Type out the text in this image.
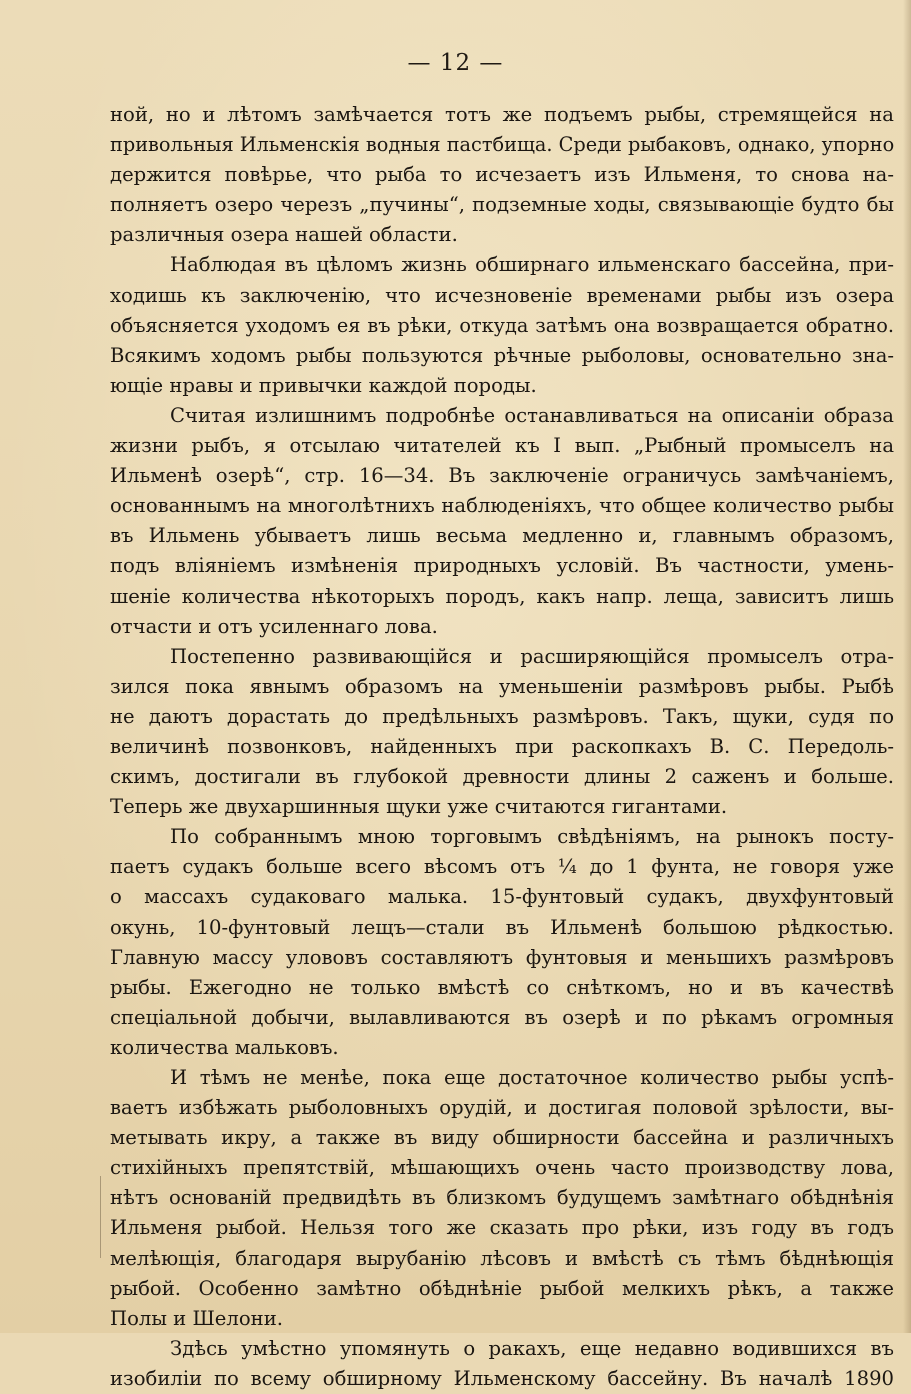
— 12 —
ной, но и лѣтомъ замѣчается тотъ же подъемъ рыбы, стремящейся на
привольныя Ильменскія водныя пастбища. Среди рыбаковъ, однако, упорно
держится повѣрье, что рыба то исчезаетъ изъ Ильменя, то снова на-
полняетъ озеро черезъ „пучины“, подземные ходы, связывающіе будто бы
различныя озера нашей области.
Наблюдая въ цѣломъ жизнь обширнаго ильменскаго бассейна, при-
ходишь къ заключенію, что исчезновеніе временами рыбы изъ озера
объясняется уходомъ ея въ рѣки, откуда затѣмъ она возвращается обратно.
Всякимъ ходомъ рыбы пользуются рѣчные рыболовы, основательно зна-
ющіе нравы и привычки каждой породы.
Считая излишнимъ подробнѣе останавливаться на описаніи образа
жизни рыбъ, я отсылаю читателей къ I вып. „Рыбный промыселъ на
Ильменѣ озерѣ“, стр. 16—34. Въ заключеніе ограничусь замѣчаніемъ,
основаннымъ на многолѣтнихъ наблюденіяхъ, что общее количество рыбы
въ Ильмень убываетъ лишь весьма медленно и, главнымъ образомъ,
подъ вліяніемъ измѣненія природныхъ условій. Въ частности, умень-
шеніе количества нѣкоторыхъ породъ, какъ напр. леща, зависитъ лишь
отчасти и отъ усиленнаго лова.
Постепенно развивающійся и расширяющійся промыселъ отра-
зился пока явнымъ образомъ на уменьшеніи размѣровъ рыбы. Рыбѣ
не даютъ дорастать до предѣльныхъ размѣровъ. Такъ, щуки, судя по
величинѣ позвонковъ, найденныхъ при раскопкахъ В. С. Передоль-
скимъ, достигали въ глубокой древности длины 2 саженъ и больше.
Теперь же двухаршинныя щуки уже считаются гигантами.
По собраннымъ мною торговымъ свѣдѣніямъ, на рынокъ посту-
паетъ судакъ больше всего вѣсомъ отъ ¼ до 1 фунта, не говоря уже
о массахъ судаковаго малька. 15-фунтовый судакъ, двухфунтовый
окунь, 10-фунтовый лещъ—стали въ Ильменѣ большою рѣдкостью.
Главную массу улововъ составляютъ фунтовыя и меньшихъ размѣровъ
рыбы. Ежегодно не только вмѣстѣ со снѣткомъ, но и въ качествѣ
спеціальной добычи, вылавливаются въ озерѣ и по рѣкамъ огромныя
количества мальковъ.
И тѣмъ не менѣе, пока еще достаточное количество рыбы успѣ-
ваетъ избѣжать рыболовныхъ орудій, и достигая половой зрѣлости, вы-
метывать икру, а также въ виду обширности бассейна и различныхъ
стихійныхъ препятствій, мѣшающихъ очень часто производству лова,
нѣтъ основаній предвидѣть въ близкомъ будущемъ замѣтнаго обѣднѣнія
Ильменя рыбой. Нельзя того же сказать про рѣки, изъ году въ годъ
мелѣющія, благодаря вырубанію лѣсовъ и вмѣстѣ съ тѣмъ бѣднѣющія
рыбой. Особенно замѣтно обѣднѣніе рыбой мелкихъ рѣкъ, а также
Полы и Шелони.
Здѣсь умѣстно упомянуть о ракахъ, еще недавно водившихся въ
изобиліи по всему обширному Ильменскому бассейну. Въ началѣ 1890
